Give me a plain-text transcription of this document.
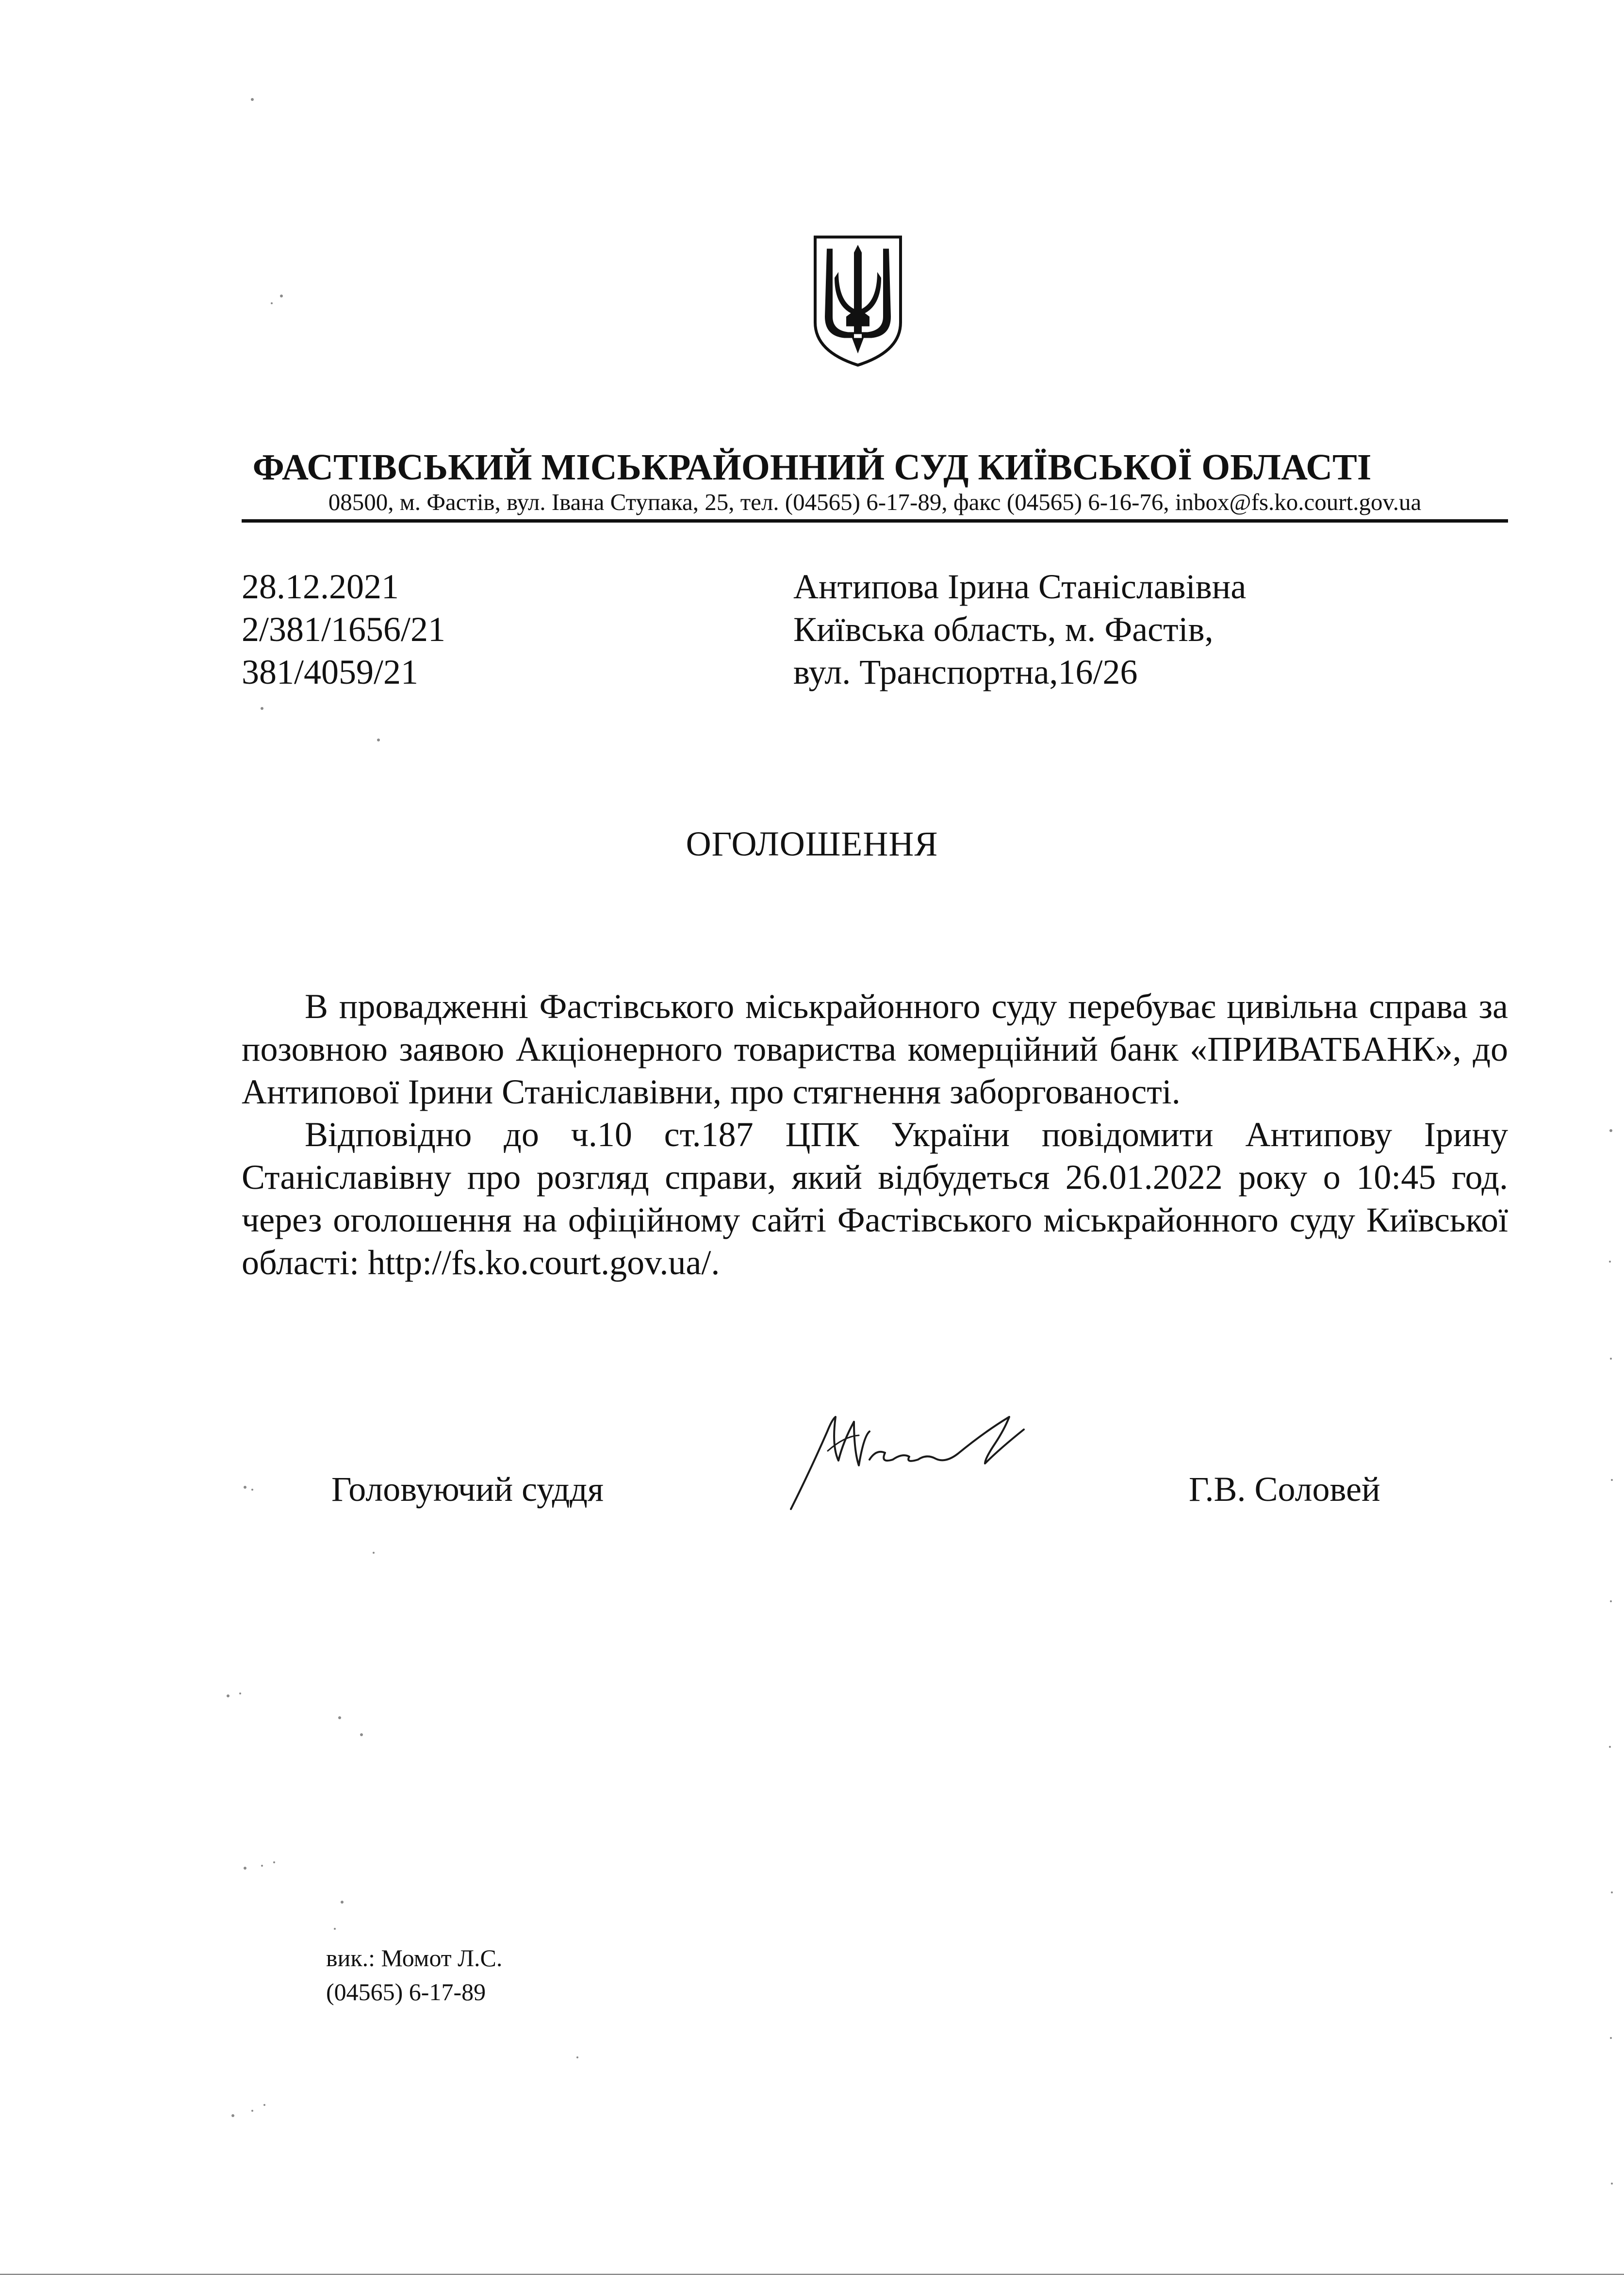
ФАСТІВСЬКИЙ МІСЬКРАЙОННИЙ СУД КИЇВСЬКОЇ ОБЛАСТІ
08500, м. Фастів, вул. Івана Ступака, 25, тел. (04565) 6-17-89, факс (04565) 6-16-76, inbox@fs.ko.court.gov.ua
28.12.2021
2/381/1656/21
381/4059/21
Антипова Ірина Станіславівна
Київська область, м. Фастів,
вул. Транспортна,16/26
ОГОЛОШЕННЯ

В провадженні Фастівського міськрайонного суду перебуває цивільна справа за позовною заявою Акціонерного товариства комерційний банк «ПРИВАТБАНК», до Антипової Ірини Станіславівни, про стягнення заборгованості.

Відповідно до ч.10 ст.187 ЦПК України повідомити Антипову Ірину Станіславівну про розгляд справи, який відбудеться 26.01.2022 року о 10:45 год. через оголошення на офіційному сайті Фастівського міськрайонного суду Київської області: http://fs.ko.court.gov.ua/.

Головуючий суддя	Г.В. Соловей
вик.: Момот Л.С.
(04565) 6-17-89
